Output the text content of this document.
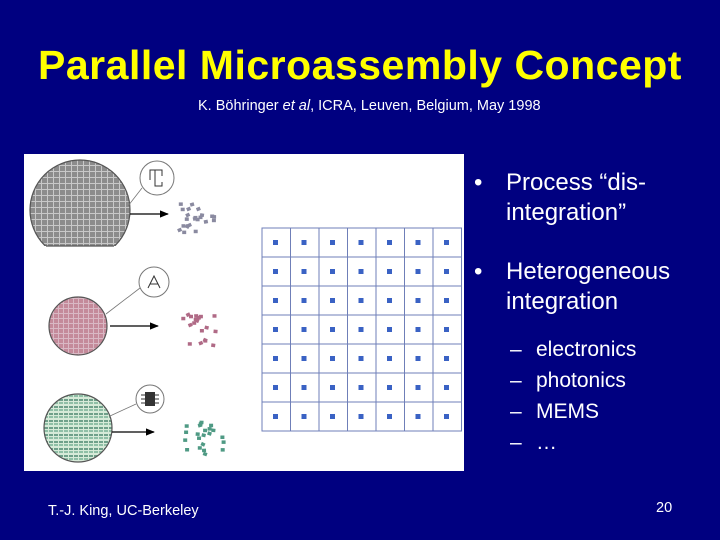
Parallel Microassembly Concept
K. Böhringer et al, ICRA, Leuven, Belgium, May 1998
• Process “dis-integration”
• Heterogeneous integration
– electronics
– photonics
– MEMS
– …
T.-J. King, UC-Berkeley	20
